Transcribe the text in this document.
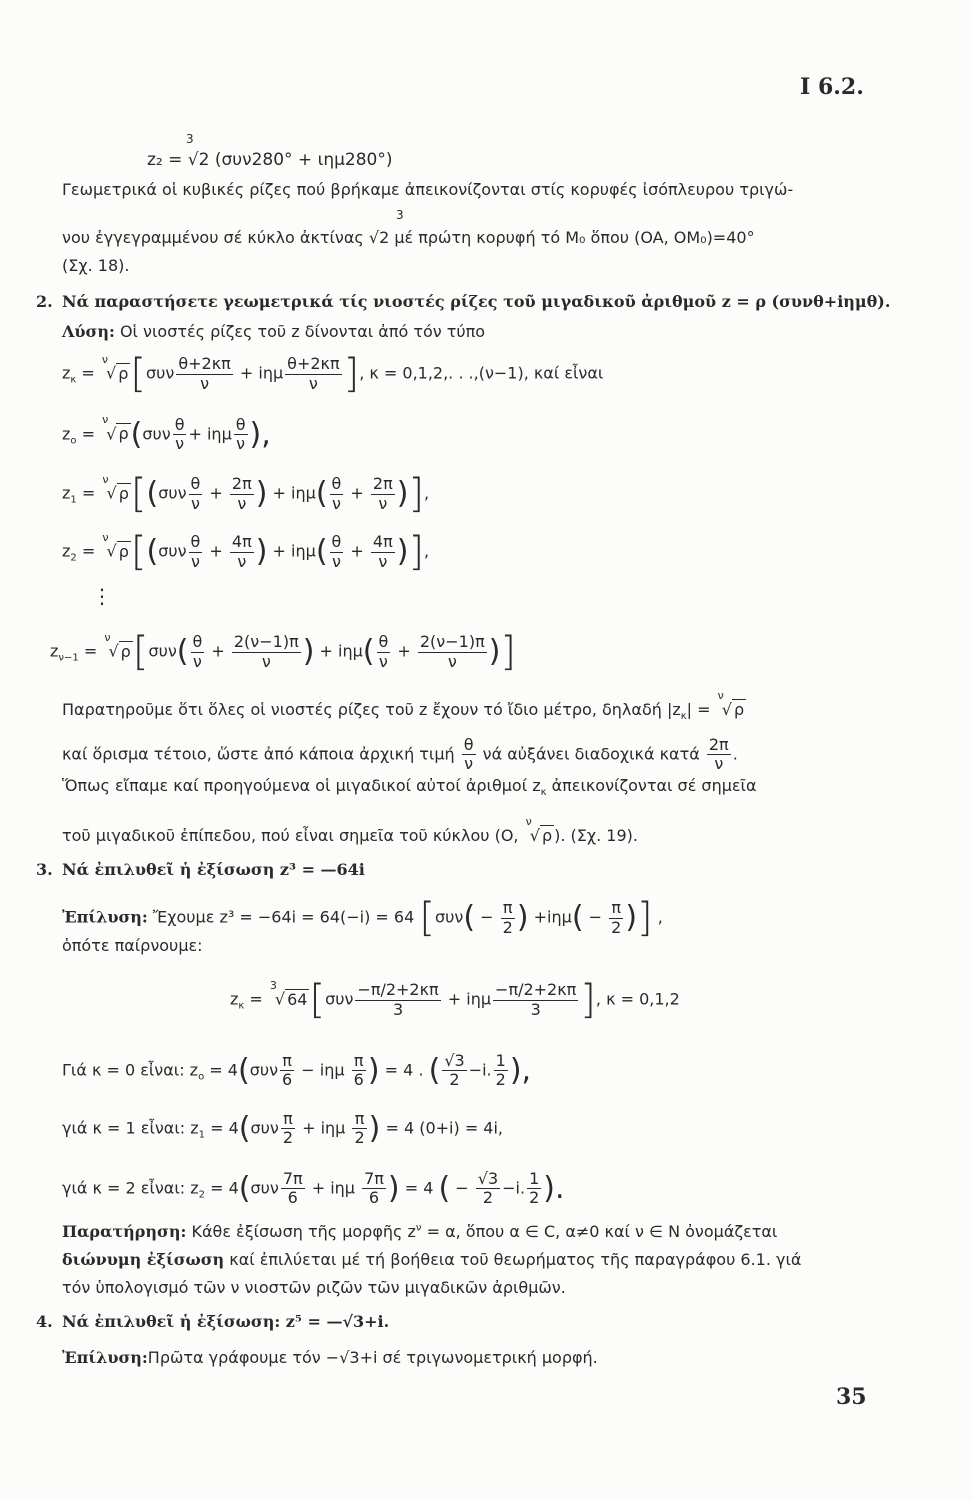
I 6.2.
3
z₂ = √2 (συν280° + ιημ280°)
Γεωμετρικά οἱ κυβικές ρίζες πού βρήκαμε ἀπεικονίζονται στίς κορυφές ἰσόπλευρου τριγώ-
3
νου ἐγγεγραμμένου σέ κύκλο ἀκτίνας √2 μέ πρώτη κορυφή τό M₀ ὅπου (OA, OM₀)=40°
(Σχ. 18).
2. Νά παραστήσετε γεωμετρικά τίς νιοστές ρίζες τοῦ μιγαδικοῦ ἀριθμοῦ z = ρ (συνθ+iημθ).
Λύση: Οἱ νιοστές ρίζες τοῦ z δίνονται ἀπό τόν τύπο
$z_\kappa = ^\nu√$ $\rho[\sigma\upsilon\nu \frac{\theta+2\kappa\pi}{\nu} + i\eta\mu \frac{\theta+2\kappa\pi}{\nu}$ ], κ = 0,1,2,. . .,(ν−1), καί εἶναι
$z_o = ^\nu√$ $\rho(\sigma\upsilon\nu \frac{\theta}{\nu} + i\eta\mu \frac{\theta}{\nu}$ ),
$z_1 = ^\nu√$ $\rho[(\sigma\upsilon\nu \frac{\theta}{\nu} + \frac{2\pi}{\nu}$ ) + $i\eta\mu( \frac{\theta}{\nu} + \frac{2\pi}{\nu}$ )],
$z_2 = ^\nu√$ $\rho[(\sigma\upsilon\nu \frac{\theta}{\nu} + \frac{4\pi}{\nu}$ ) + $i\eta\mu( \frac{\theta}{\nu} + \frac{4\pi}{\nu}$ )],
⋮
$z_{\nu-1} = ^\nu√$ $\rho[\sigma\upsilon\nu( \frac{\theta}{\nu} + \frac{2(\nu-1)\pi}{\nu}$ ) + $i\eta\mu( \frac{\theta}{\nu} + \frac{2(\nu-1)\pi}{\nu}$ )]
Παρατηροῦμε ὅτι ὅλες οἱ νιοστές ρίζες τοῦ z ἔχουν τό ἴδιο μέτρο, δηλαδή $|z_\kappa| = ^\nu√$ ρ
καί ὅρισμα τέτοιο, ὥστε ἀπό κάποια ἀρχική τιμή $\frac{\theta}{\nu}$ νά αὐξάνει διαδοχικά κατά $\frac{2\pi}{\nu}$ .
Ὅπως εἴπαμε καί προηγούμενα οἱ μιγαδικοί αὐτοί ἀριθμοί $z_\kappa$ ἀπεικονίζονται σέ σημεῖα
τοῦ μιγαδικοῦ ἐπίπεδου, πού εἶναι σημεῖα τοῦ κύκλου (O, $^\nu$√ ρ ). (Σχ. 19).
3. Νά ἐπιλυθεῖ ἡ ἐξίσωση z³ = —64i
Ἐπίλυση: Ἔχουμε z³ = −64i = 64(−i) = 64 [$\sigma\upsilon\nu( - \frac{\pi}{2}$ ) $+i\eta\mu( - \frac{\pi}{2}$ )] ,
ὁπότε παίρνουμε:
$z_\kappa = ^3√$ $64[\sigma\upsilon\nu \frac{-\pi/2+2\kappa\pi}{3} + i\eta\mu \frac{-\pi/2+2\kappa\pi}{3}$ ], κ = 0,1,2
Γιά κ = 0 εἶναι: $z_o = 4(\sigma\upsilon\nu \frac{\pi}{6} - i\eta\mu \frac{\pi}{6}$ ) = 4 . ( $\frac{√3}{2} -i$. $\frac{1}{2}$ ),
γιά κ = 1 εἶναι: $z_1 = 4(\sigma\upsilon\nu \frac{\pi}{2} + i\eta\mu \frac{\pi}{2}$ ) = 4 (0+i) = 4i,
γιά κ = 2 εἶναι: $z_2 = 4(\sigma\upsilon\nu \frac{7\pi}{6} + i\eta\mu \frac{7\pi}{6}$ ) = 4 ( − $\frac{√3}{2} -i$. $\frac{1}{2}$ ).
Παρατήρηση: Κάθε ἐξίσωση τῆς μορφῆς $z^\nu = \alpha$, ὅπου α ∈ C, α≠0 καί ν ∈ N ὀνομάζεται
διώνυμη ἐξίσωση καί ἐπιλύεται μέ τή βοήθεια τοῦ θεωρήματος τῆς παραγράφου 6.1. γιά
τόν ὑπολογισμό τῶν ν νιοστῶν ριζῶν τῶν μιγαδικῶν ἀριθμῶν.
4. Νά ἐπιλυθεῖ ἡ ἐξίσωση: z⁵ = —√3+i.
Ἐπίλυση:Πρῶτα γράφουμε τόν −√3+i σέ τριγωνομετρική μορφή.
35
